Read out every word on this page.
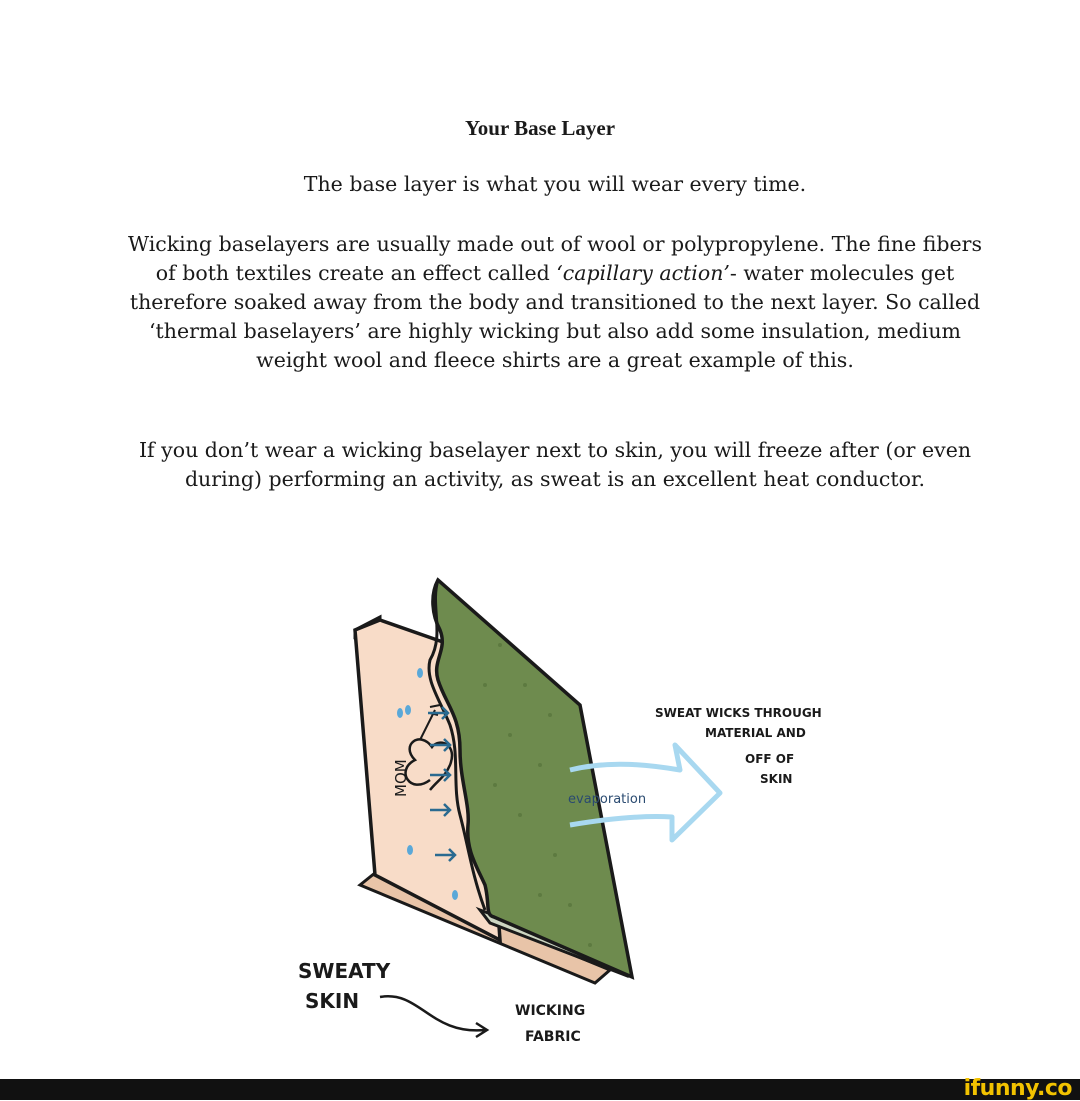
Your Base Layer
The base layer is what you will wear every time.
Wicking baselayers are usually made out of wool or polypropylene. The fine fibers of both textiles create an effect called ‘capillary action’- water molecules get therefore soaked away from the body and transitioned to the next layer. So called ‘thermal baselayers’ are highly wicking but also add some insulation, medium weight wool and fleece shirts are a great example of this.
If you don’t wear a wicking baselayer next to skin, you will freeze after (or even during) performing an activity, as sweat is an excellent heat conductor.
MOM
evaporation
SWEAT WICKS THROUGH
MATERIAL AND
OFF OF
SKIN
SWEATY
SKIN	WICKING
FABRIC
ifunny.co
